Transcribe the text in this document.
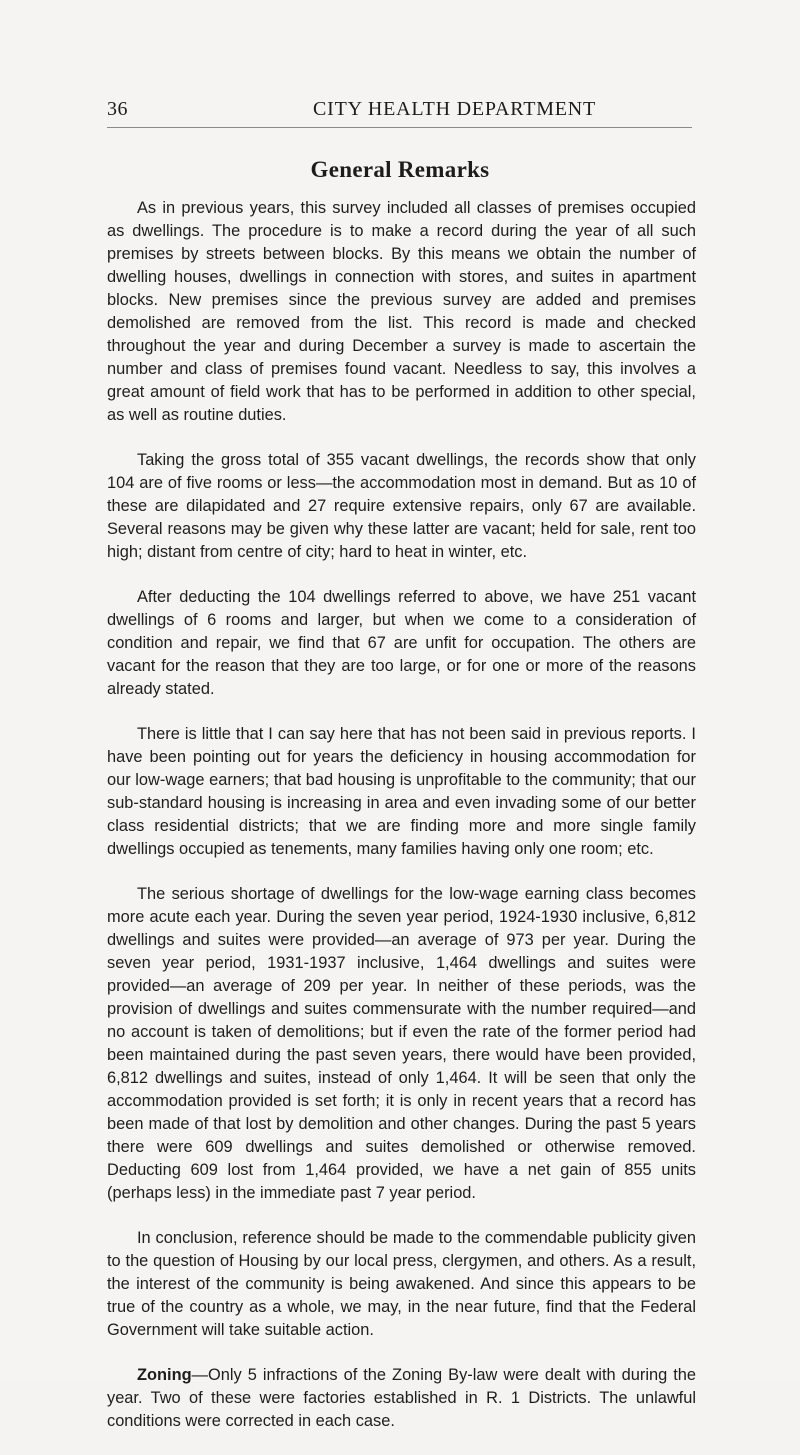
36	CITY HEALTH DEPARTMENT
General Remarks

As in previous years, this survey included all classes of premises occupied as dwellings. The procedure is to make a record during the year of all such premises by streets between blocks. By this means we obtain the number of dwelling houses, dwellings in connection with stores, and suites in apartment blocks. New premises since the previous survey are added and premises demolished are removed from the list. This record is made and checked throughout the year and during December a survey is made to ascertain the number and class of premises found vacant. Needless to say, this involves a great amount of field work that has to be performed in addition to other special, as well as routine duties.

Taking the gross total of 355 vacant dwellings, the records show that only 104 are of five rooms or less—the accommodation most in demand. But as 10 of these are dilapidated and 27 require extensive repairs, only 67 are available. Several reasons may be given why these latter are vacant; held for sale, rent too high; distant from centre of city; hard to heat in winter, etc.

After deducting the 104 dwellings referred to above, we have 251 vacant dwellings of 6 rooms and larger, but when we come to a consideration of condition and repair, we find that 67 are unfit for occupation. The others are vacant for the reason that they are too large, or for one or more of the reasons already stated.

There is little that I can say here that has not been said in previous reports. I have been pointing out for years the deficiency in housing accommodation for our low-wage earners; that bad housing is unprofitable to the community; that our sub-standard housing is increasing in area and even invading some of our better class residential districts; that we are finding more and more single family dwellings occupied as tenements, many families having only one room; etc.

The serious shortage of dwellings for the low-wage earning class becomes more acute each year. During the seven year period, 1924-1930 inclusive, 6,812 dwellings and suites were provided—an average of 973 per year. During the seven year period, 1931-1937 inclusive, 1,464 dwellings and suites were provided—an average of 209 per year. In neither of these periods, was the provision of dwellings and suites commensurate with the number required—and no account is taken of demolitions; but if even the rate of the former period had been maintained during the past seven years, there would have been provided, 6,812 dwellings and suites, instead of only 1,464. It will be seen that only the accommodation provided is set forth; it is only in recent years that a record has been made of that lost by demolition and other changes. During the past 5 years there were 609 dwellings and suites demolished or otherwise removed. Deducting 609 lost from 1,464 provided, we have a net gain of 855 units (perhaps less) in the immediate past 7 year period.

In conclusion, reference should be made to the commendable publicity given to the question of Housing by our local press, clergymen, and others. As a result, the interest of the community is being awakened. And since this appears to be true of the country as a whole, we may, in the near future, find that the Federal Government will take suitable action.

Zoning—Only 5 infractions of the Zoning By-law were dealt with during the year. Two of these were factories established in R. 1 Districts. The unlawful conditions were corrected in each case.
